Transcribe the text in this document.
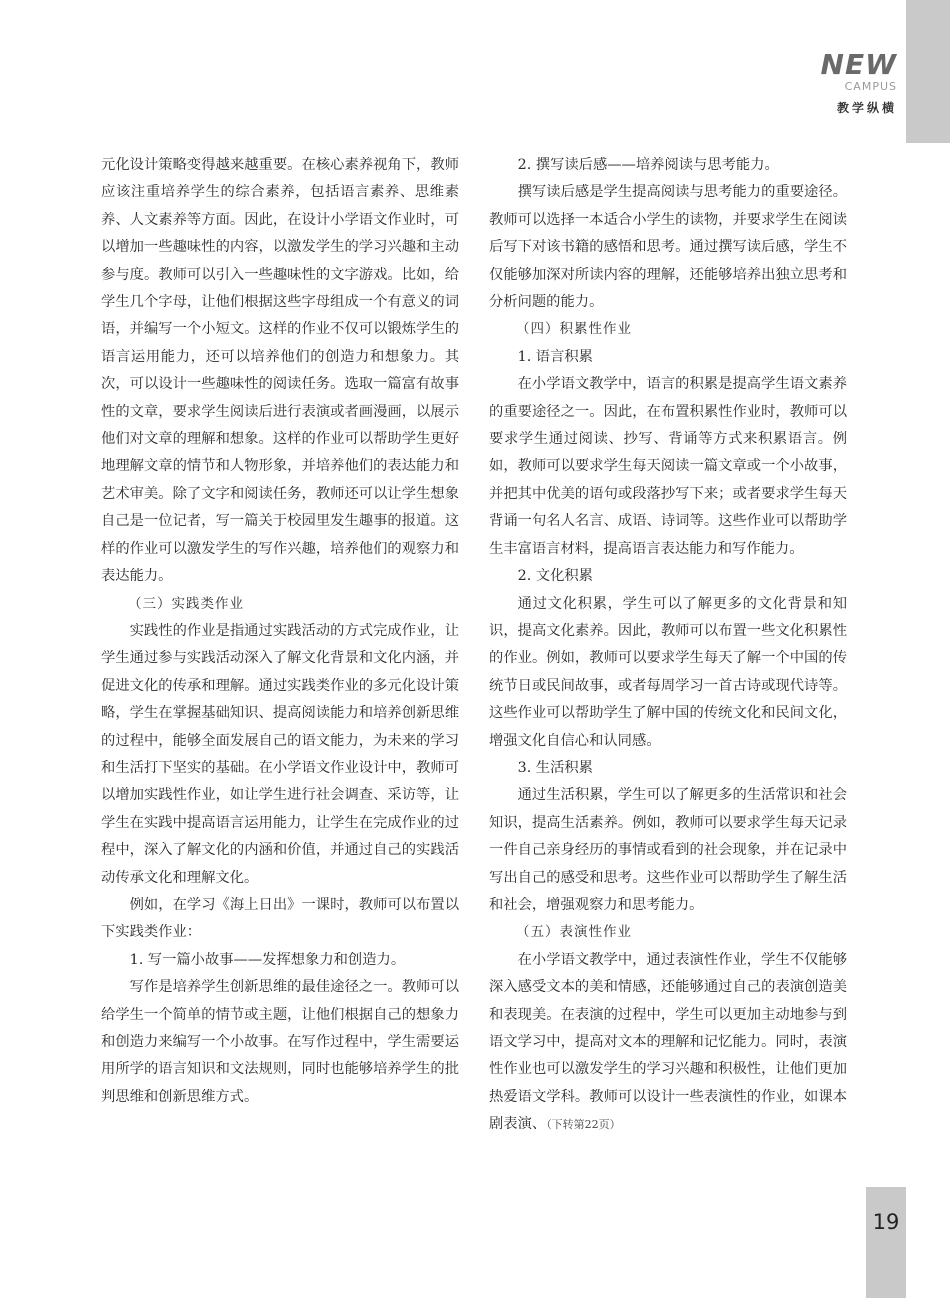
NEW
CAMPUS
教学纵横

元化设计策略变得越来越重要。在核心素养视角下，教师应该注重培养学生的综合素养，包括语言素养、思维素养、人文素养等方面。因此，在设计小学语文作业时，可以增加一些趣味性的内容，以激发学生的学习兴趣和主动参与度。教师可以引入一些趣味性的文字游戏。比如，给学生几个字母，让他们根据这些字母组成一个有意义的词语，并编写一个小短文。这样的作业不仅可以锻炼学生的语言运用能力，还可以培养他们的创造力和想象力。其次，可以设计一些趣味性的阅读任务。选取一篇富有故事性的文章，要求学生阅读后进行表演或者画漫画，以展示他们对文章的理解和想象。这样的作业可以帮助学生更好地理解文章的情节和人物形象，并培养他们的表达能力和艺术审美。除了文字和阅读任务，教师还可以让学生想象自己是一位记者，写一篇关于校园里发生趣事的报道。这样的作业可以激发学生的写作兴趣，培养他们的观察力和表达能力。

（三）实践类作业

实践性的作业是指通过实践活动的方式完成作业，让学生通过参与实践活动深入了解文化背景和文化内涵，并促进文化的传承和理解。通过实践类作业的多元化设计策略，学生在掌握基础知识、提高阅读能力和培养创新思维的过程中，能够全面发展自己的语文能力，为未来的学习和生活打下坚实的基础。在小学语文作业设计中，教师可以增加实践性作业，如让学生进行社会调查、采访等，让学生在实践中提高语言运用能力，让学生在完成作业的过程中，深入了解文化的内涵和价值，并通过自己的实践活动传承文化和理解文化。

例如，在学习《海上日出》一课时，教师可以布置以下实践类作业：

1. 写一篇小故事——发挥想象力和创造力。

写作是培养学生创新思维的最佳途径之一。教师可以给学生一个简单的情节或主题，让他们根据自己的想象力和创造力来编写一个小故事。在写作过程中，学生需要运用所学的语言知识和文法规则，同时也能够培养学生的批判思维和创新思维方式。

2. 撰写读后感——培养阅读与思考能力。

撰写读后感是学生提高阅读与思考能力的重要途径。教师可以选择一本适合小学生的读物，并要求学生在阅读后写下对该书籍的感悟和思考。通过撰写读后感，学生不仅能够加深对所读内容的理解，还能够培养出独立思考和分析问题的能力。

（四）积累性作业

1. 语言积累

在小学语文教学中，语言的积累是提高学生语文素养的重要途径之一。因此，在布置积累性作业时，教师可以要求学生通过阅读、抄写、背诵等方式来积累语言。例如，教师可以要求学生每天阅读一篇文章或一个小故事，并把其中优美的语句或段落抄写下来；或者要求学生每天背诵一句名人名言、成语、诗词等。这些作业可以帮助学生丰富语言材料，提高语言表达能力和写作能力。

2. 文化积累

通过文化积累，学生可以了解更多的文化背景和知识，提高文化素养。因此，教师可以布置一些文化积累性的作业。例如，教师可以要求学生每天了解一个中国的传统节日或民间故事，或者每周学习一首古诗或现代诗等。这些作业可以帮助学生了解中国的传统文化和民间文化，增强文化自信心和认同感。

3. 生活积累

通过生活积累，学生可以了解更多的生活常识和社会知识，提高生活素养。例如，教师可以要求学生每天记录一件自己亲身经历的事情或看到的社会现象，并在记录中写出自己的感受和思考。这些作业可以帮助学生了解生活和社会，增强观察力和思考能力。

（五）表演性作业

在小学语文教学中，通过表演性作业，学生不仅能够深入感受文本的美和情感，还能够通过自己的表演创造美和表现美。在表演的过程中，学生可以更加主动地参与到语文学习中，提高对文本的理解和记忆能力。同时，表演性作业也可以激发学生的学习兴趣和积极性，让他们更加热爱语文学科。教师可以设计一些表演性的作业，如课本剧表演、（下转第22页）

19
